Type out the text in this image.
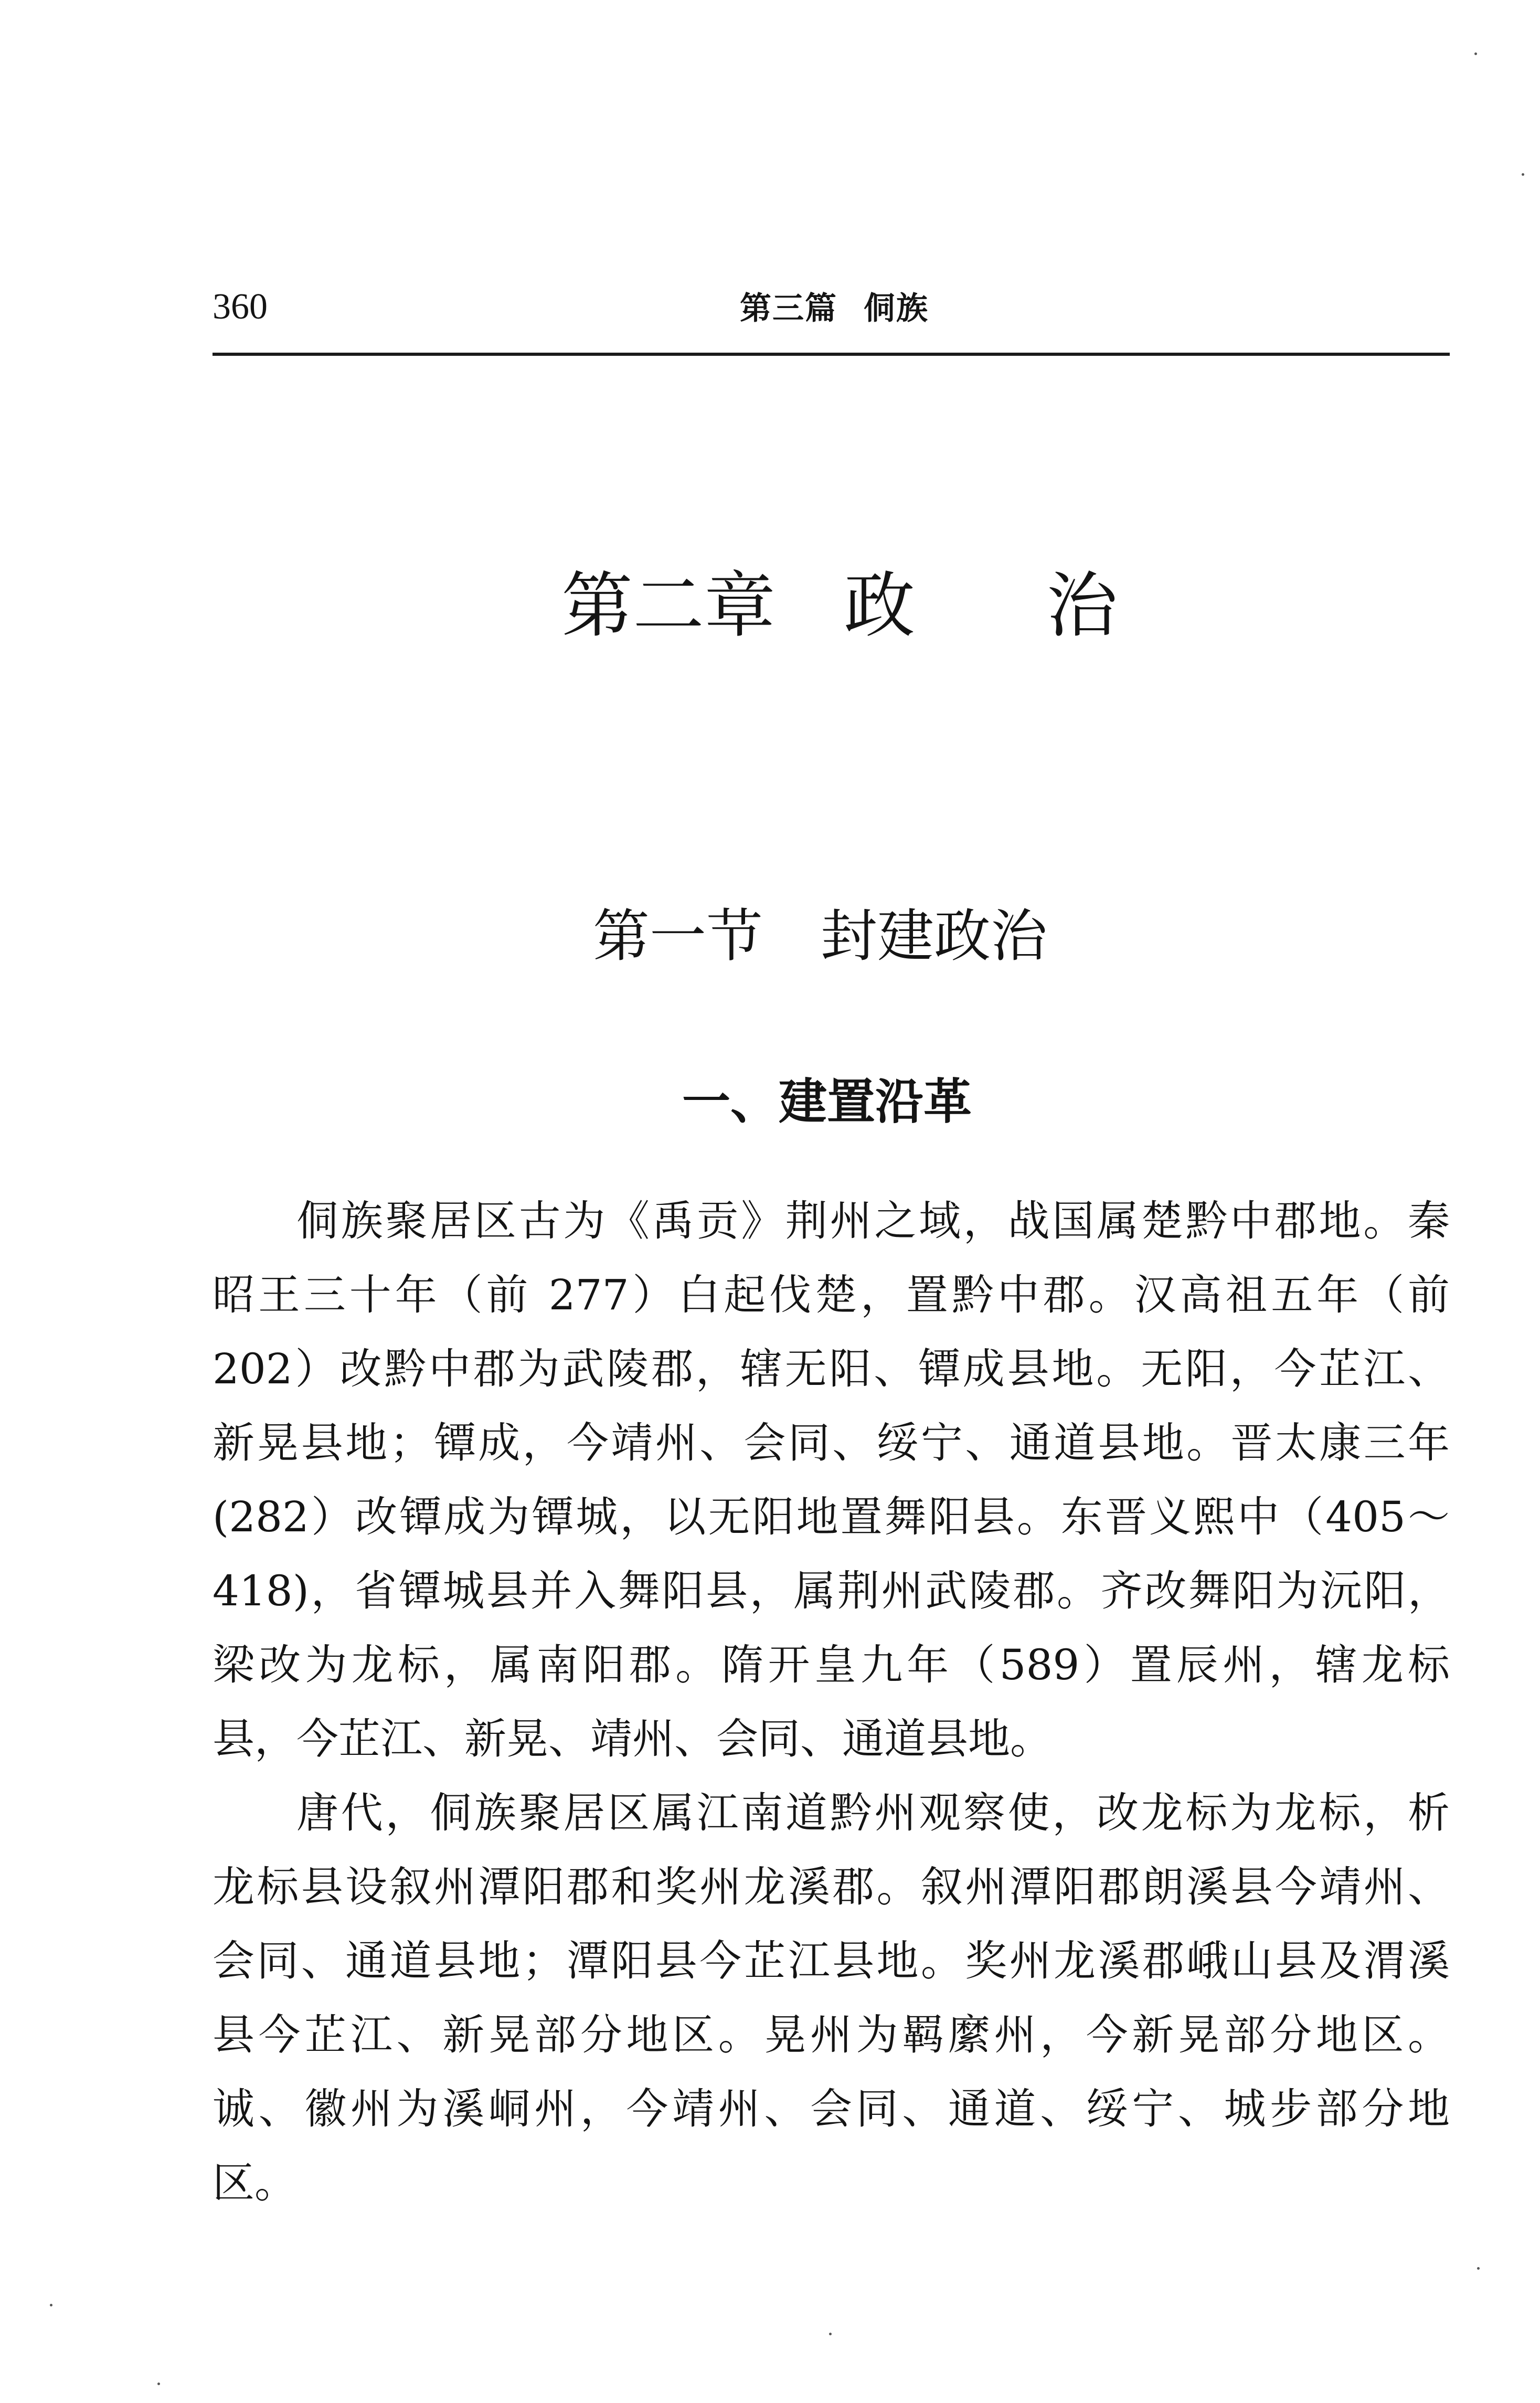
360	第三篇 侗族
第二章 政 治
第一节 封建政治
一、建置沿革
侗族聚居区古为《禹贡》荆州之域，战国属楚黔中郡地。秦
昭王三十年（前 277）白起伐楚，置黔中郡。汉高祖五年（前
202）改黔中郡为武陵郡，辖无阳、镡成县地。无阳，今芷江、
新晃县地；镡成，今靖州、会同、绥宁、通道县地。晋太康三年
(282）改镡成为镡城，以无阳地置舞阳县。东晋义熙中（405～
418)，省镡城县并入舞阳县，属荆州武陵郡。齐改舞阳为沅阳，
梁改为龙标，属南阳郡。隋开皇九年（589）置辰州，辖龙标
县，今芷江、新晃、靖州、会同、通道县地。
唐代，侗族聚居区属江南道黔州观察使，改龙标为龙标，析
龙标县设叙州潭阳郡和奖州龙溪郡。叙州潭阳郡朗溪县今靖州、
会同、通道县地；潭阳县今芷江县地。奖州龙溪郡峨山县及渭溪
县今芷江、新晃部分地区。晃州为羁縻州，今新晃部分地区。
诚、徽州为溪峒州，今靖州、会同、通道、绥宁、城步部分地
区。
